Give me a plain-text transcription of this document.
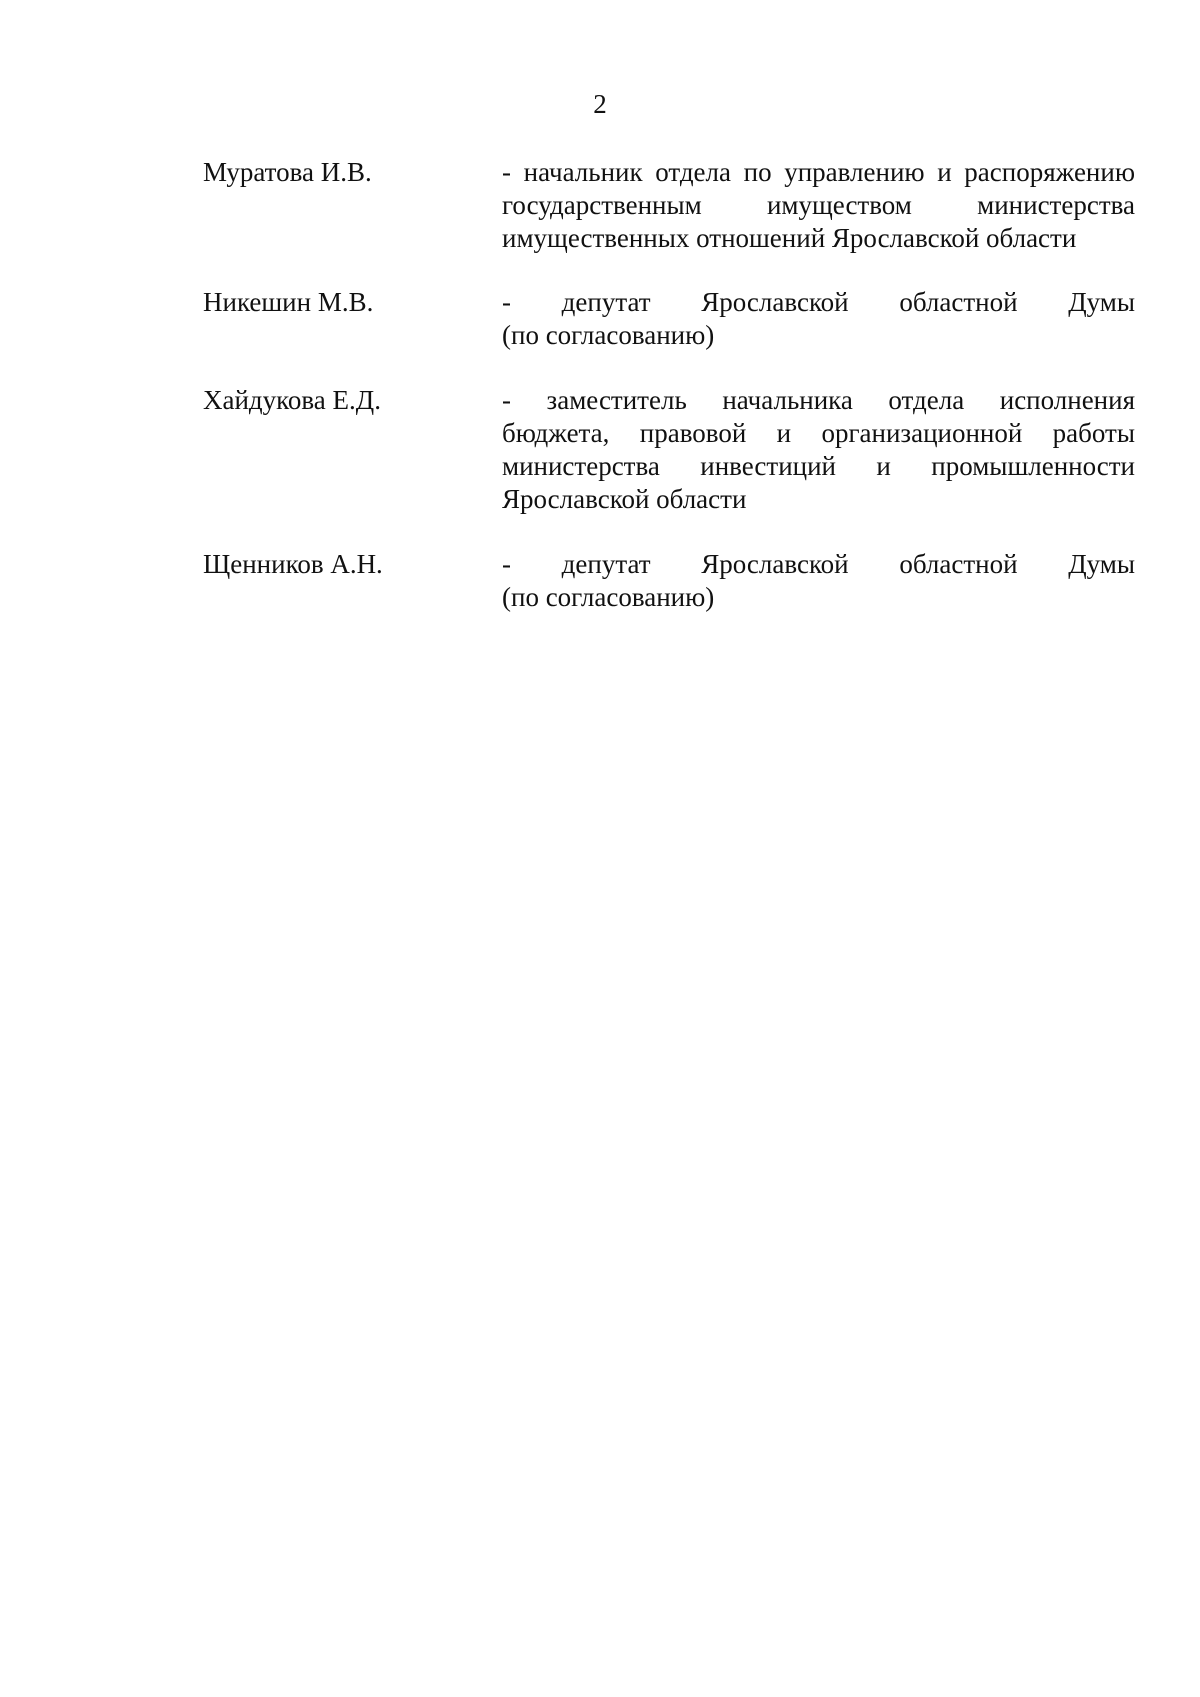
2
Муратова И.В.	- начальник отдела по управлению и распоряжению
государственным имуществом министерства
имущественных отношений Ярославской области
Никешин М.В.	- депутат Ярославской областной Думы
(по согласованию)
Хайдукова Е.Д.	- заместитель начальника отдела исполнения
бюджета, правовой и организационной работы
министерства инвестиций и промышленности
Ярославской области
Щенников А.Н.	- депутат Ярославской областной Думы
(по согласованию)
